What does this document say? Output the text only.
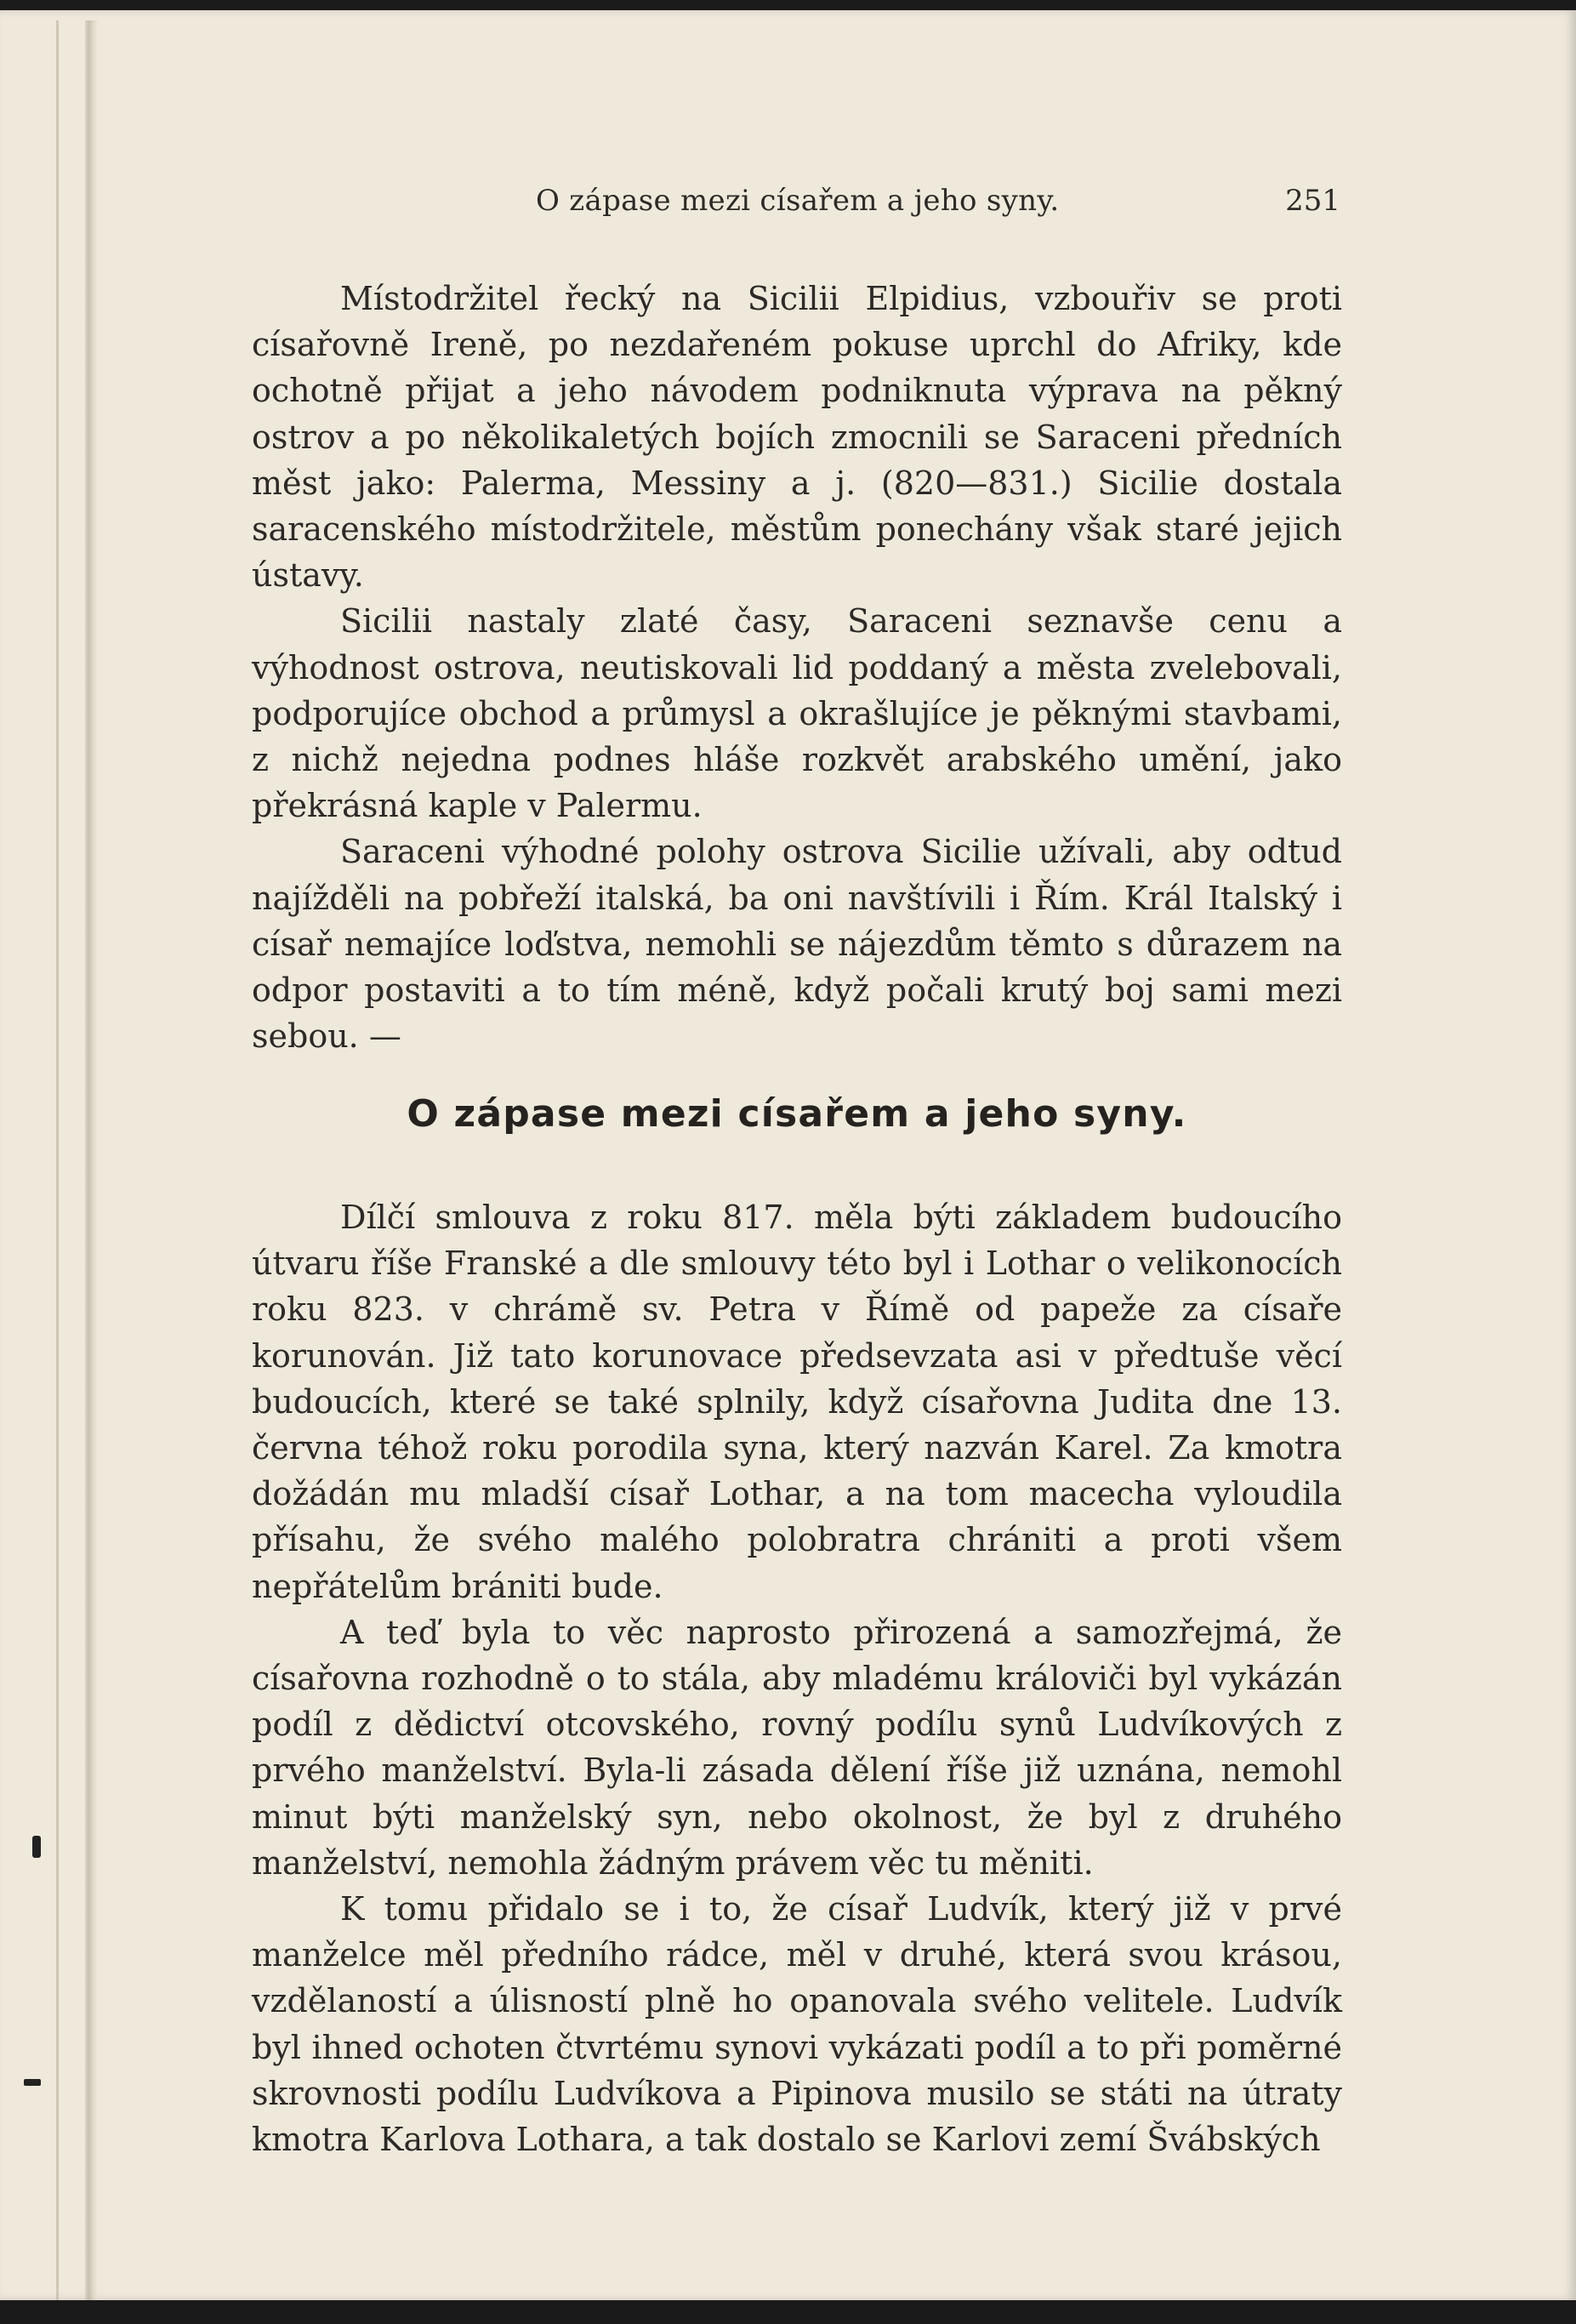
O zápase mezi císařem a jeho syny.	251

Místodržitel řecký na Sicilii Elpidius, vzbouřiv se proti císařovně Ireně, po nezdařeném pokuse uprchl do Afriky, kde ochotně přijat a jeho návodem podniknuta výprava na pěkný ostrov a po několikaletých bojích zmocnili se Saraceni předních měst jako: Palerma, Messiny a j. (820—831.) Sicilie dostala saracenského místodržitele, městům ponechány však staré jejich ústavy.

Sicilii nastaly zlaté časy, Saraceni seznavše cenu a výhodnost ostrova, neutiskovali lid poddaný a města zvelebovali, podporujíce obchod a průmysl a okrašlujíce je pěknými stavbami, z nichž nejedna podnes hláše rozkvět arabského umění, jako překrásná kaple v Palermu.

Saraceni výhodné polohy ostrova Sicilie užívali, aby odtud najížděli na pobřeží italská, ba oni navštívili i Řím. Král Italský i císař nemajíce loďstva, nemohli se nájezdům těmto s důrazem na odpor postaviti a to tím méně, když počali krutý boj sami mezi sebou. —

O zápase mezi císařem a jeho syny.

Dílčí smlouva z roku 817. měla býti základem budoucího útvaru říše Franské a dle smlouvy této byl i Lothar o velikonocích roku 823. v chrámě sv. Petra v Římě od papeže za císaře korunován. Již tato korunovace předsevzata asi v předtuše věcí budoucích, které se také splnily, když císařovna Judita dne 13. června téhož roku porodila syna, který nazván Karel. Za kmotra dožádán mu mladší císař Lothar, a na tom macecha vyloudila přísahu, že svého malého polobratra chrániti a proti všem nepřátelům brániti bude.

A teď byla to věc naprosto přirozená a samozřejmá, že císařovna rozhodně o to stála, aby mladému královiči byl vykázán podíl z dědictví otcovského, rovný podílu synů Ludvíkových z prvého manželství. Byla-li zásada dělení říše již uznána, nemohl minut býti manželský syn, nebo okolnost, že byl z druhého manželství, nemohla žádným právem věc tu měniti.

K tomu přidalo se i to, že císař Ludvík, který již v prvé manželce měl předního rádce, měl v druhé, která svou krásou, vzdělaností a úlisností plně ho opanovala svého velitele. Ludvík byl ihned ochoten čtvrtému synovi vykázati podíl a to při poměrné skrovnosti podílu Ludvíkova a Pipinova musilo se státi na útraty kmotra Karlova Lothara, a tak dostalo se Karlovi zemí Švábských
